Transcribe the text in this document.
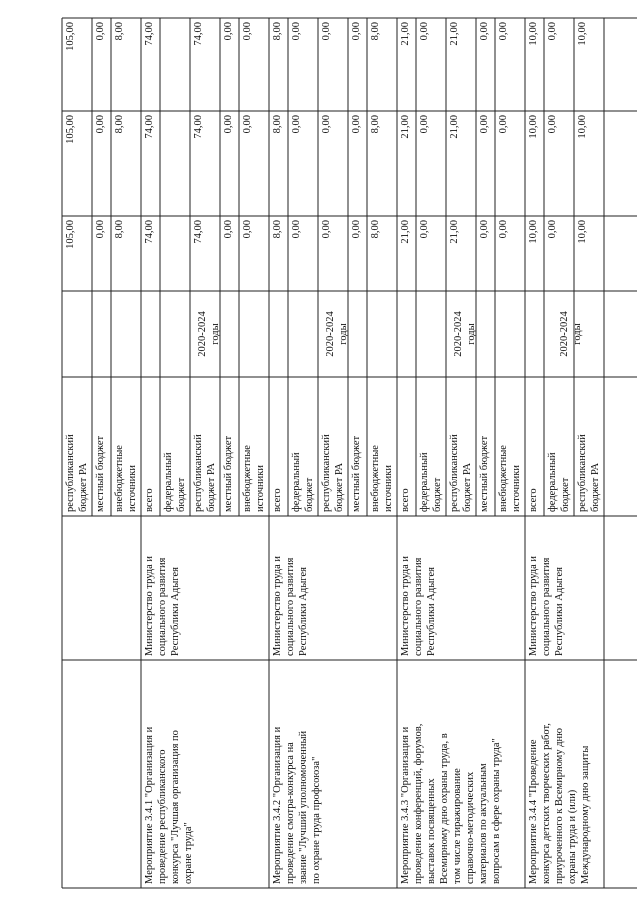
республиканский бюджет РА
105,00
105,00
105,00
местный бюджет
0,00
0,00
0,00
внебюджетные источники
8,00
8,00
8,00
всего
74,00
74,00
74,00
федеральный бюджет республиканский бюджет РА
74,00
74,00
74,00
местный бюджет
0,00
0,00
0,00
внебюджетные источники
0,00
0,00
0,00
Мероприятие 3.4.1 "Организация и проведение республиканского конкурса "Лучшая организация по охране труда"
Министерство труда и социального развития Республики Адыгея
2020-2024 годы
всего
8,00
8,00
8,00
федеральный бюджет
0,00
0,00
0,00
республиканский бюджет РА
0,00
0,00
0,00
местный бюджет
0,00
0,00
0,00
внебюджетные источники
8,00
8,00
8,00
Мероприятие 3.4.2 "Организация и проведение смотра-конкурса на звание "Лучший уполномоченный по охране труда профсоюза"
Министерство труда и социального развития Республики Адыгея
2020-2024 годы
всего
21,00
21,00
21,00
федеральный бюджет
0,00
0,00
0,00
республиканский бюджет РА
21,00
21,00
21,00
местный бюджет
0,00
0,00
0,00
внебюджетные источники
0,00
0,00
0,00
Мероприятие 3.4.3 "Организация и проведение конференций, форумов, выставок посвященных Всемирному дню охраны труда, в том числе тиражирование справочно-методических материалов по актуальным вопросам в сфере охраны труда"
Министерство труда и социального развития Республики Адыгея
2020-2024 годы
всего
10,00
10,00
10,00
федеральный бюджет
0,00
0,00
0,00
республиканский бюджет РА
10,00
10,00
10,00
Мероприятие 3.4.4 "Проведение конкурса детских творческих работ, приуроченного к Всемирному дню охраны труда и (или) Международному дню защиты
Министерство труда и социального развития Республики Адыгея
2020-2024 годы
